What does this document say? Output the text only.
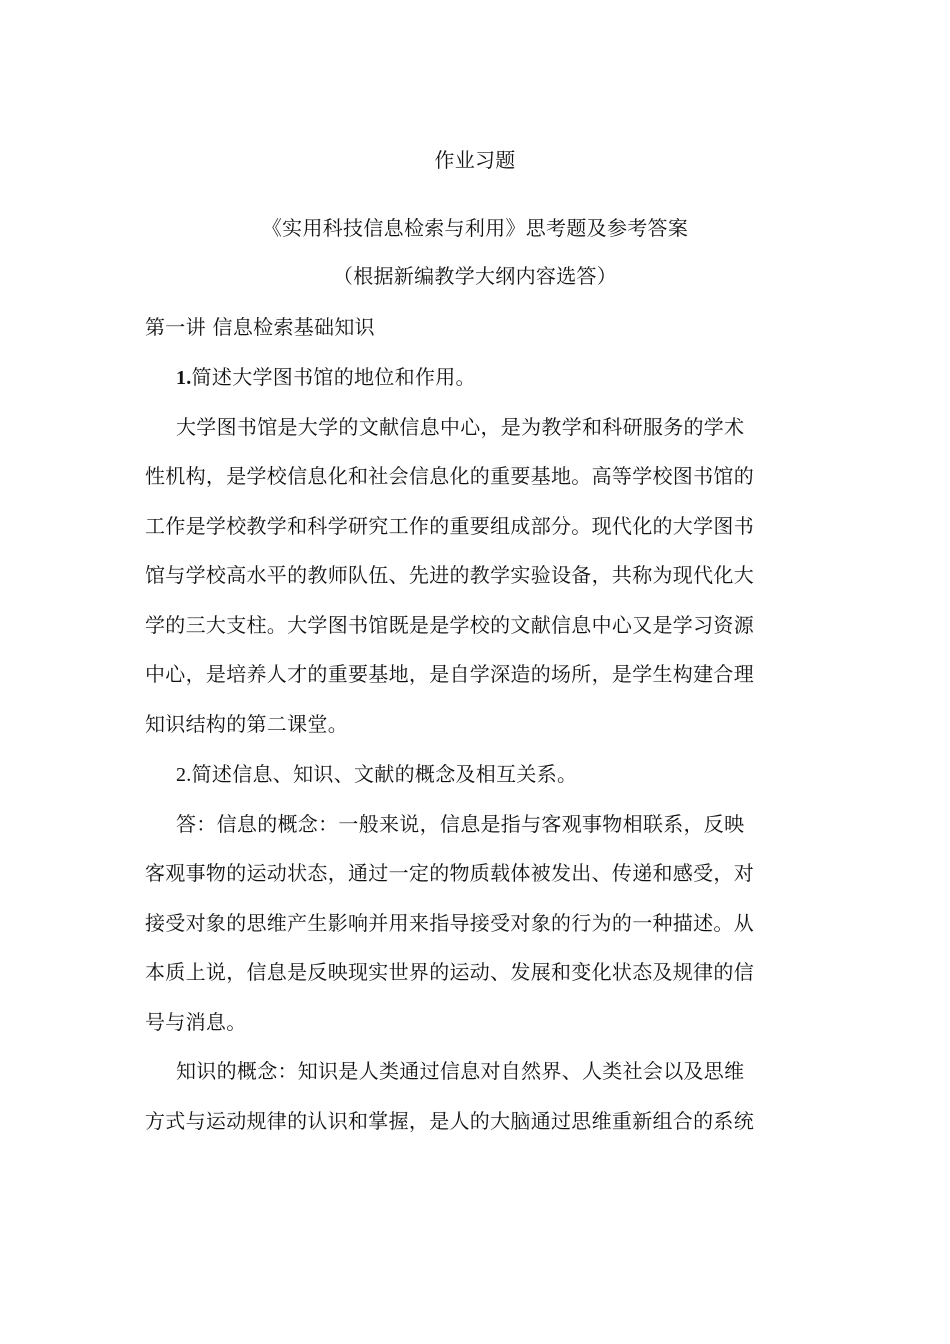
作业习题
《实用科技信息检索与利用》思考题及参考答案
（根据新编教学大纲内容选答）
第一讲 信息检索基础知识
1.简述大学图书馆的地位和作用。
大学图书馆是大学的文献信息中心，是为教学和科研服务的学术
性机构，是学校信息化和社会信息化的重要基地。高等学校图书馆的
工作是学校教学和科学研究工作的重要组成部分。现代化的大学图书
馆与学校高水平的教师队伍、先进的教学实验设备，共称为现代化大
学的三大支柱。大学图书馆既是是学校的文献信息中心又是学习资源
中心，是培养人才的重要基地，是自学深造的场所，是学生构建合理
知识结构的第二课堂。
2.简述信息、知识、文献的概念及相互关系。
答：信息的概念：一般来说，信息是指与客观事物相联系，反映
客观事物的运动状态，通过一定的物质载体被发出、传递和感受，对
接受对象的思维产生影响并用来指导接受对象的行为的一种描述。从
本质上说，信息是反映现实世界的运动、发展和变化状态及规律的信
号与消息。
知识的概念：知识是人类通过信息对自然界、人类社会以及思维
方式与运动规律的认识和掌握，是人的大脑通过思维重新组合的系统
